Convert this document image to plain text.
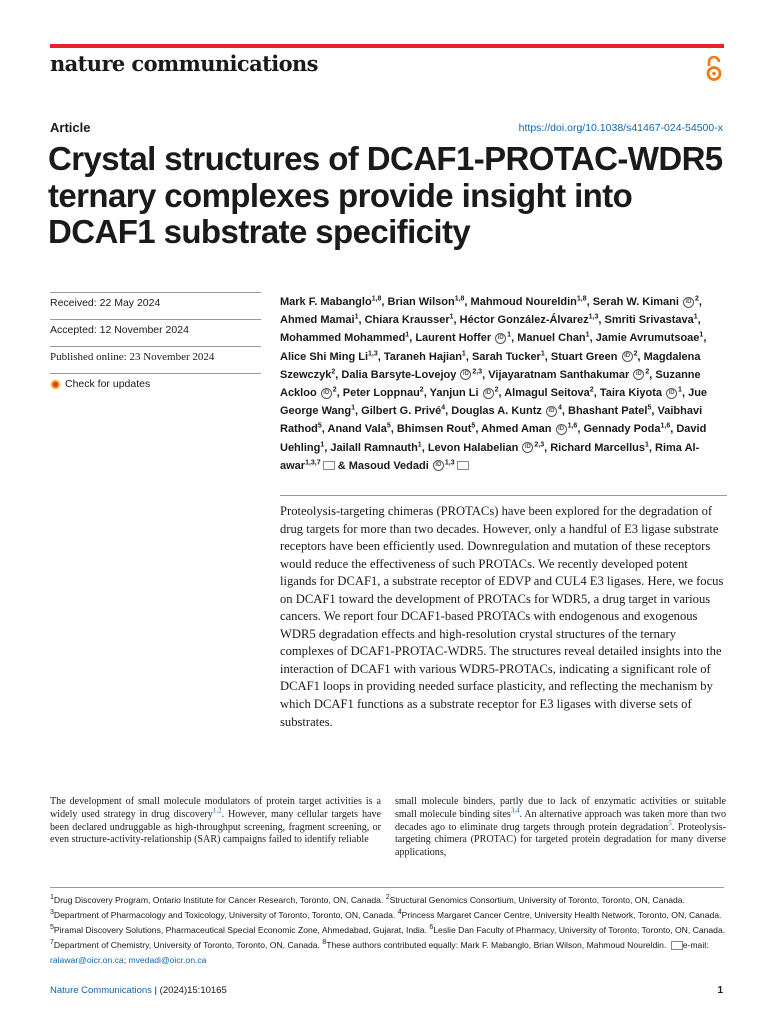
nature communications
Article	https://doi.org/10.1038/s41467-024-54500-x
Crystal structures of DCAF1-PROTAC-WDR5 ternary complexes provide insight into DCAF1 substrate specificity
Received: 22 May 2024
Accepted: 12 November 2024
Published online: 23 November 2024
Check for updates

Mark F. Mabanglo$^{1,8}$, Brian Wilson$^{1,8}$, Mahmoud Noureldin$^{1,8}$, Serah W. Kimani iD $^2$, Ahmed Mamai$^1$, Chiara Krausser$^1$, Héctor González-Álvarez$^{1,3}$, Smriti Srivastava$^1$, Mohammed Mohammed$^1$, Laurent Hoffer iD $^1$, Manuel Chan$^1$, Jamie Avrumutsoae$^1$, Alice Shi Ming Li$^{1,3}$, Taraneh Hajian$^1$, Sarah Tucker$^1$, Stuart Green iD $^2$, Magdalena Szewczyk$^2$, Dalia Barsyte-Lovejoy iD $^{2,3}$, Vijayaratnam Santhakumar iD $^2$, Suzanne Ackloo iD $^2$, Peter Loppnau$^2$, Yanjun Li iD $^2$, Almagul Seitova$^2$, Taira Kiyota iD $^1$, Jue George Wang$^1$, Gilbert G. Privé$^4$, Douglas A. Kuntz iD $^4$, Bhashant Patel$^5$, Vaibhavi Rathod$^5$, Anand Vala$^5$, Bhimsen Rout$^5$, Ahmed Aman iD $^{1,6}$, Gennady Poda$^{1,6}$, David Uehling$^1$, Jailall Ramnauth$^1$, Levon Halabelian iD $^{2,3}$, Richard Marcellus$^1$, Rima Al-awar$^{1,3,7}$ & Masoud Vedadi iD $^{1,3}$

Proteolysis-targeting chimeras (PROTACs) have been explored for the degradation of drug targets for more than two decades. However, only a handful of E3 ligase substrate receptors have been efficiently used. Downregulation and mutation of these receptors would reduce the effectiveness of such PROTACs. We recently developed potent ligands for DCAF1, a substrate receptor of EDVP and CUL4 E3 ligases. Here, we focus on DCAF1 toward the development of PROTACs for WDR5, a drug target in various cancers. We report four DCAF1-based PROTACs with endogenous and exogenous WDR5 degradation effects and high-resolution crystal structures of the ternary complexes of DCAF1-PROTAC-WDR5. The structures reveal detailed insights into the interaction of DCAF1 with various WDR5-PROTACs, indicating a significant role of DCAF1 loops in providing needed surface plasticity, and reflecting the mechanism by which DCAF1 functions as a substrate receptor for E3 ligases with diverse sets of substrates.

The development of small molecule modulators of protein target activities is a widely used strategy in drug discovery$^{1,2}$. However, many cellular targets have been declared undruggable as high-throughput screening, fragment screening, or even structure-activity-relationship (SAR) campaigns failed to identify reliable

small molecule binders, partly due to lack of enzymatic activities or suitable small molecule binding sites$^{3,4}$. An alternative approach was taken more than two decades ago to eliminate drug targets through protein degradation$^5$. Proteolysis-targeting chimera (PROTAC) for targeted protein degradation for many diverse applications,

$^1$Drug Discovery Program, Ontario Institute for Cancer Research, Toronto, ON, Canada. $^2$Structural Genomics Consortium, University of Toronto, Toronto, ON, Canada. $^3$Department of Pharmacology and Toxicology, University of Toronto, Toronto, ON, Canada. $^4$Princess Margaret Cancer Centre, University Health Network, Toronto, ON, Canada. $^5$Piramal Discovery Solutions, Pharmaceutical Special Economic Zone, Ahmedabad, Gujarat, India. $^6$Leslie Dan Faculty of Pharmacy, University of Toronto, Toronto, ON, Canada. $^7$Department of Chemistry, University of Toronto, Toronto, ON, Canada. $^8$These authors contributed equally: Mark F. Mabanglo, Brian Wilson, Mahmoud Noureldin. e-mail: ralawar@oicr.on.ca; mvedadi@oicr.on.ca

Nature Communications | (2024)15:10165	1
